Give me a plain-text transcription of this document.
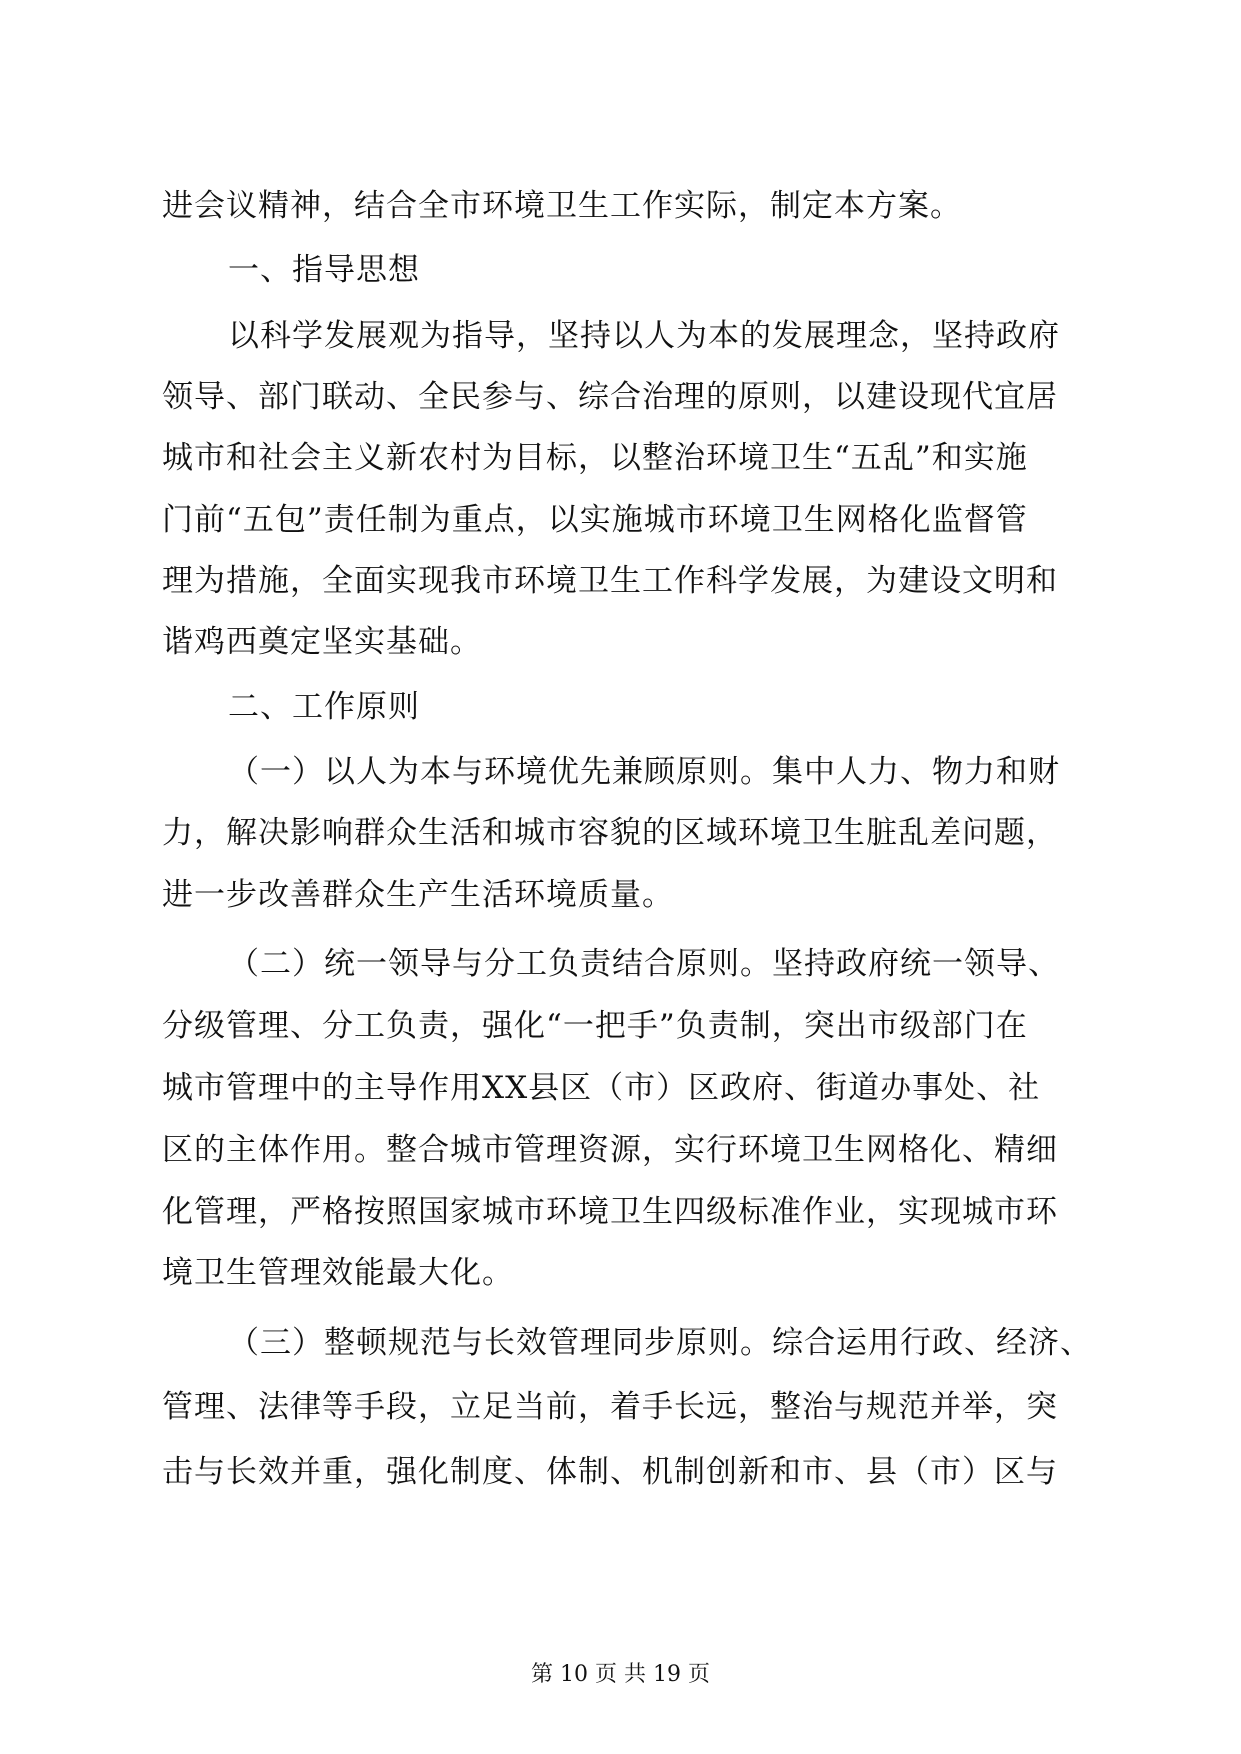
进会议精神，结合全市环境卫生工作实际，制定本方案。
一、指导思想
以科学发展观为指导，坚持以人为本的发展理念，坚持政府
领导、部门联动、全民参与、综合治理的原则，以建设现代宜居
城市和社会主义新农村为目标，以整治环境卫生“五乱”和实施
门前“五包”责任制为重点，以实施城市环境卫生网格化监督管
理为措施，全面实现我市环境卫生工作科学发展，为建设文明和
谐鸡西奠定坚实基础。
二、工作原则
（一）以人为本与环境优先兼顾原则。集中人力、物力和财
力，解决影响群众生活和城市容貌的区域环境卫生脏乱差问题，
进一步改善群众生产生活环境质量。
（二）统一领导与分工负责结合原则。坚持政府统一领导、
分级管理、分工负责，强化“一把手”负责制，突出市级部门在
城市管理中的主导作用XX县区（市）区政府、街道办事处、社
区的主体作用。整合城市管理资源，实行环境卫生网格化、精细
化管理，严格按照国家城市环境卫生四级标准作业，实现城市环
境卫生管理效能最大化。
（三）整顿规范与长效管理同步原则。综合运用行政、经济、
管理、法律等手段，立足当前，着手长远，整治与规范并举，突
击与长效并重，强化制度、体制、机制创新和市、县（市）区与
第 10 页 共 19 页
